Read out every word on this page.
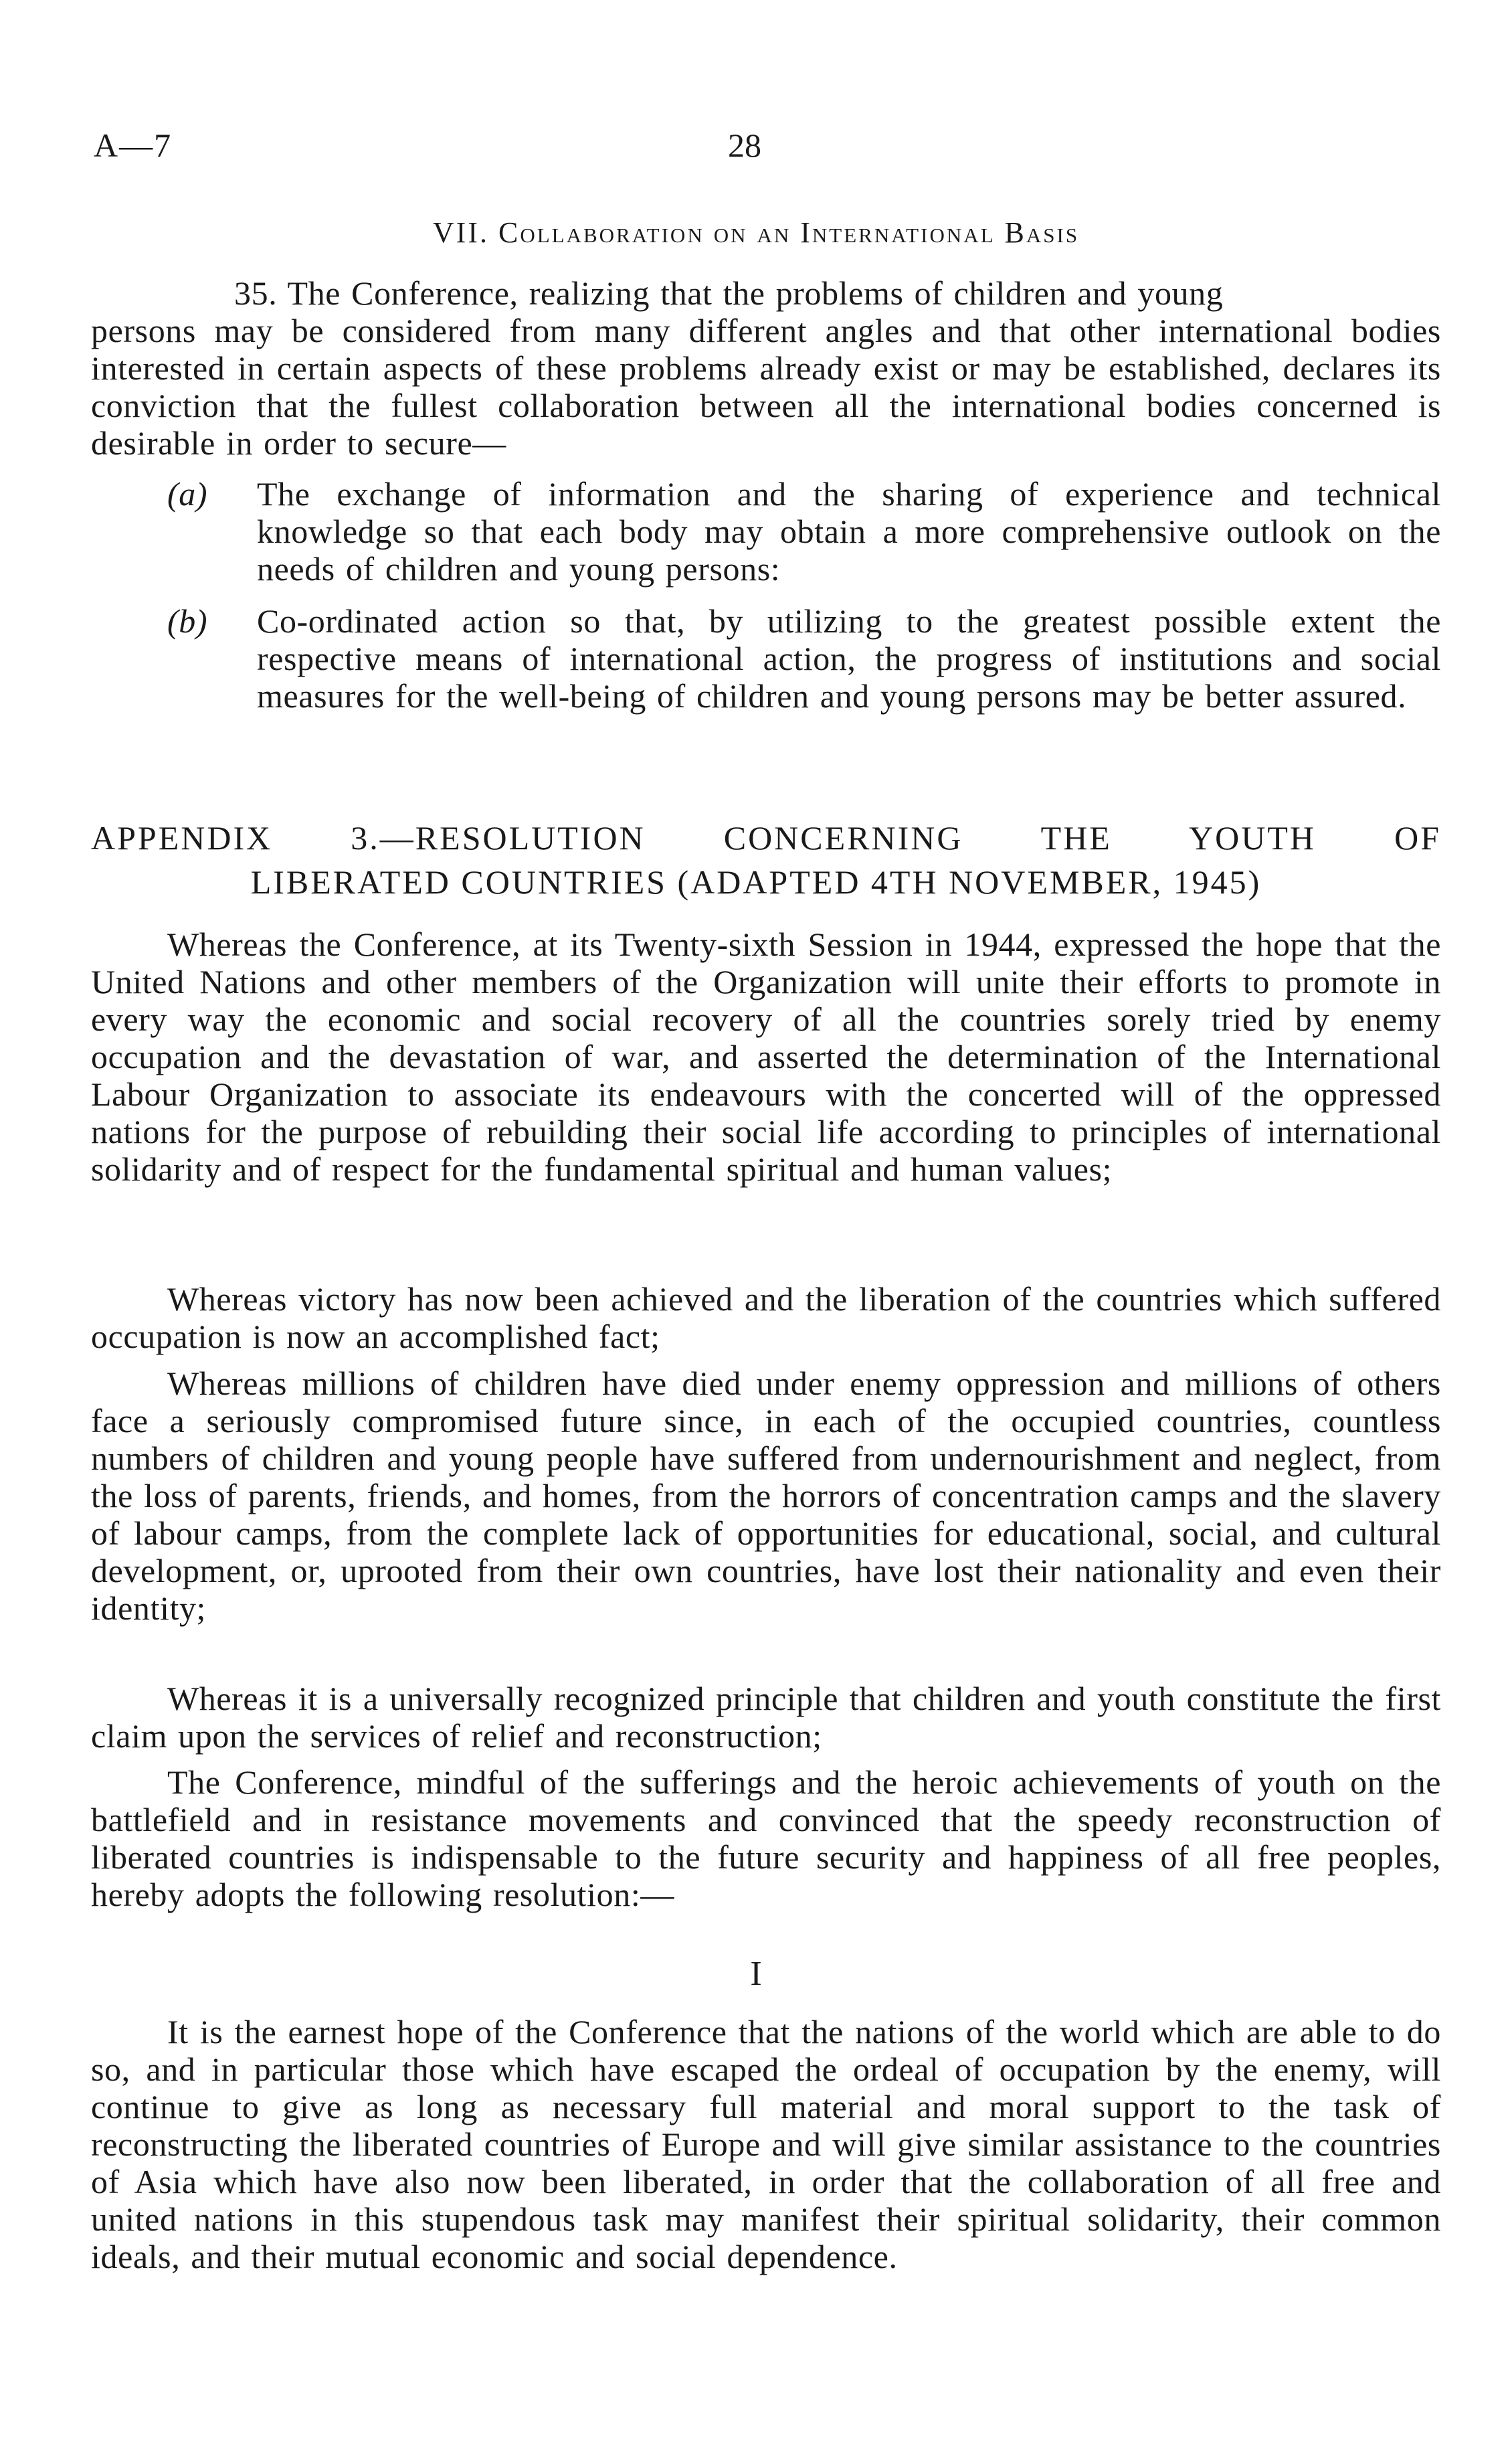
A—7	28
VII. Collaboration on an International Basis
35. The Conference, realizing that the problems of children and young
persons may be considered from many different angles and that other international bodies interested in certain aspects of these problems already exist or may be established, declares its conviction that the fullest collaboration between all the international bodies concerned is desirable in order to secure—
(a) The exchange of information and the sharing of experience and technical knowledge so that each body may obtain a more comprehensive outlook on the needs of children and young persons:
(b) Co-ordinated action so that, by utilizing to the greatest possible extent the respective means of international action, the progress of institutions and social measures for the well-being of children and young persons may be better assured.
APPENDIX 3.—RESOLUTION CONCERNING THE YOUTH OF
LIBERATED COUNTRIES (ADAPTED 4TH NOVEMBER, 1945)
Whereas the Conference, at its Twenty-sixth Session in 1944, expressed the hope that the United Nations and other members of the Organization will unite their efforts to promote in every way the economic and social recovery of all the countries sorely tried by enemy occupation and the devastation of war, and asserted the determination of the International Labour Organization to associate its endeavours with the concerted will of the oppressed nations for the purpose of rebuilding their social life according to principles of international solidarity and of respect for the fundamental spiritual and human values;
Whereas victory has now been achieved and the liberation of the countries which suffered occupation is now an accomplished fact;
Whereas millions of children have died under enemy oppression and millions of others face a seriously compromised future since, in each of the occupied countries, countless numbers of children and young people have suffered from undernourishment and neglect, from the loss of parents, friends, and homes, from the horrors of concentration camps and the slavery of labour camps, from the complete lack of opportunities for educational, social, and cultural development, or, uprooted from their own countries, have lost their nationality and even their identity;
Whereas it is a universally recognized principle that children and youth constitute the first claim upon the services of relief and reconstruction;
The Conference, mindful of the sufferings and the heroic achievements of youth on the battlefield and in resistance movements and convinced that the speedy reconstruction of liberated countries is indispensable to the future security and happiness of all free peoples, hereby adopts the following resolution:—
I
It is the earnest hope of the Conference that the nations of the world which are able to do so, and in particular those which have escaped the ordeal of occupation by the enemy, will continue to give as long as necessary full material and moral support to the task of reconstructing the liberated countries of Europe and will give similar assistance to the countries of Asia which have also now been liberated, in order that the collaboration of all free and united nations in this stupendous task may manifest their spiritual solidarity, their common ideals, and their mutual economic and social dependence.
